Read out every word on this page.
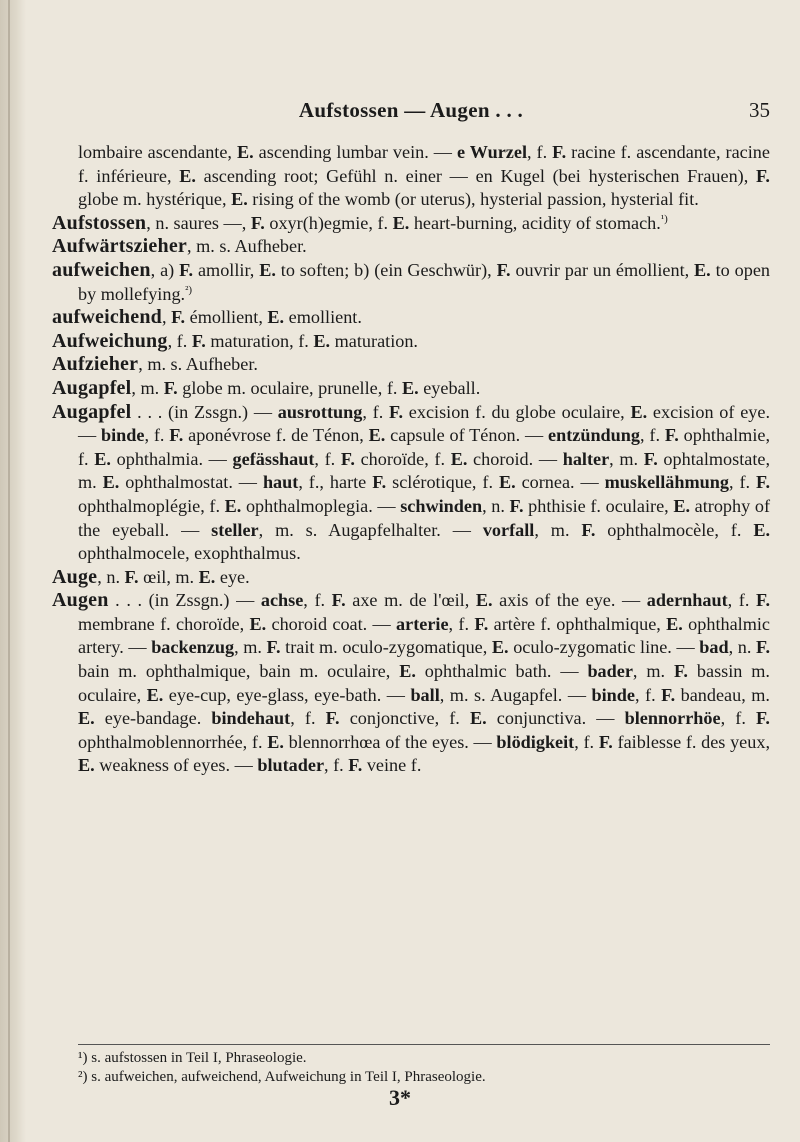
Aufstossen — Augen . . .	35

lombaire ascendante, E. ascending lumbar vein. — e Wurzel, f. F. racine f. ascendante, racine f. inférieure, E. ascending root; Gefühl n. einer — en Kugel (bei hysterischen Frauen), F. globe m. hystérique, E. rising of the womb (or uterus), hysterial passion, hysterial fit.

Aufstossen, n. saures —, F. oxyr(h)egmie, f. E. heart-burning, acidity of stomach.$^{^1)}$

Aufwärtszieher, m. s. Aufheber.

aufweichen, a) F. amollir, E. to soften; b) (ein Geschwür), F. ouvrir par un émollient, E. to open by mollefying.$^{^2)}$

aufweichend, F. émollient, E. emollient.

Aufweichung, f. F. maturation, f. E. maturation.

Aufzieher, m. s. Aufheber.

Augapfel, m. F. globe m. oculaire, prunelle, f. E. eyeball.

Augapfel . . . (in Zssgn.) — ausrottung, f. F. excision f. du globe oculaire, E. excision of eye. — binde, f. F. aponévrose f. de Ténon, E. capsule of Ténon. — entzündung, f. F. ophthalmie, f. E. ophthalmia. — gefässhaut, f. F. choroïde, f. E. choroid. — halter, m. F. ophtalmostate, m. E. ophthalmostat. — haut, f., harte F. sclérotique, f. E. cornea. — muskellähmung, f. F. ophthalmoplégie, f. E. ophthalmoplegia. — schwinden, n. F. phthisie f. oculaire, E. atrophy of the eyeball. — steller, m. s. Augapfelhalter. — vorfall, m. F. ophthalmocèle, f. E. ophthalmocele, exophthalmus.

Auge, n. F. œil, m. E. eye.

Augen . . . (in Zssgn.) — achse, f. F. axe m. de l'œil, E. axis of the eye. — adernhaut, f. F. membrane f. choroïde, E. choroid coat. — arterie, f. F. artère f. ophthalmique, E. ophthalmic artery. — backenzug, m. F. trait m. oculo-zygomatique, E. oculo-zygomatic line. — bad, n. F. bain m. ophthalmique, bain m. oculaire, E. ophthalmic bath. — bader, m. F. bassin m. oculaire, E. eye-cup, eye-glass, eye-bath. — ball, m. s. Augapfel. — binde, f. F. bandeau, m. E. eye-bandage. bindehaut, f. F. conjonctive, f. E. conjunctiva. — blennorrhöe, f. F. ophthalmoblennorrhée, f. E. blennorrhœa of the eyes. — blödigkeit, f. F. faiblesse f. des yeux, E. weakness of eyes. — blutader, f. F. veine f.

¹) s. aufstossen in Teil I, Phraseologie.

²) s. aufweichen, aufweichend, Aufweichung in Teil I, Phraseologie.

3*
